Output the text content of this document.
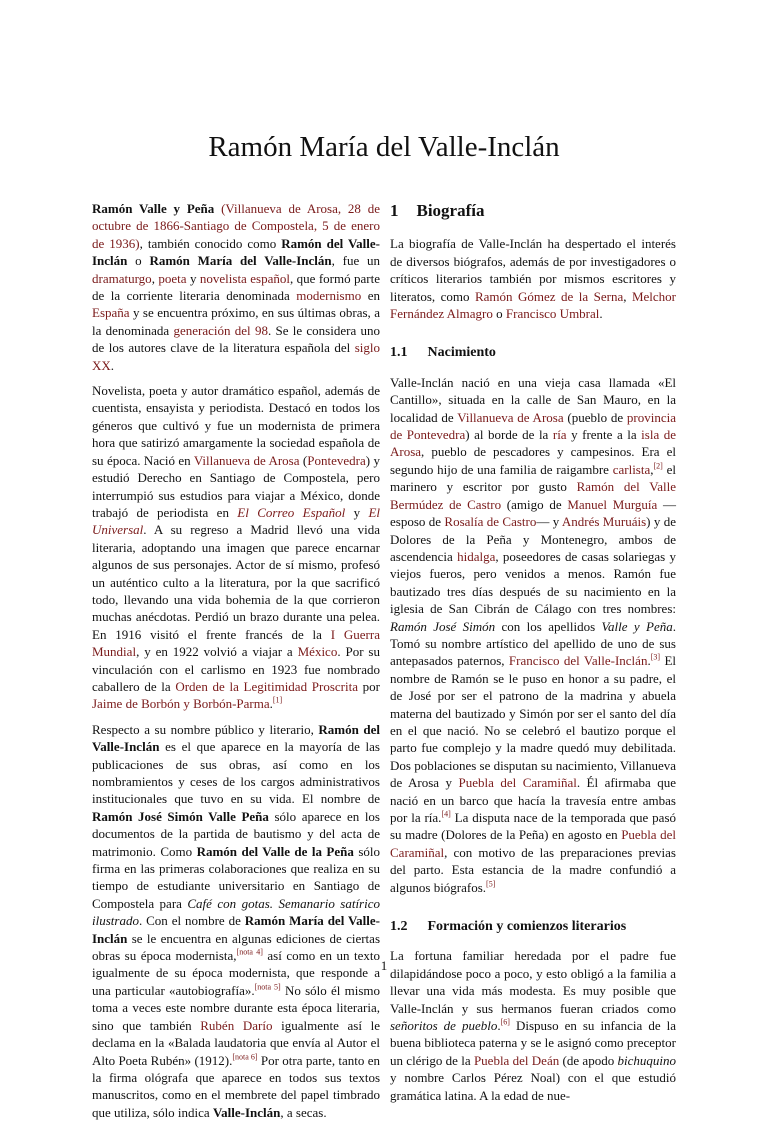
Ramón María del Valle-Inclán

Ramón Valle y Peña (Villanueva de Arosa, 28 de octubre de 1866-Santiago de Compostela, 5 de enero de 1936), también conocido como Ramón del Valle-Inclán o Ramón María del Valle-Inclán, fue un dramaturgo, poeta y novelista español, que formó parte de la corriente literaria denominada modernismo en España y se encuentra próximo, en sus últimas obras, a la denominada generación del 98. Se le considera uno de los autores clave de la literatura española del siglo XX.

Novelista, poeta y autor dramático español, además de cuentista, ensayista y periodista. Destacó en todos los géneros que cultivó y fue un modernista de primera hora que satirizó amargamente la sociedad española de su época. Nació en Villanueva de Arosa (Pontevedra) y estudió Derecho en Santiago de Compostela, pero interrumpió sus estudios para viajar a México, donde trabajó de periodista en El Correo Español y El Universal. A su regreso a Madrid llevó una vida literaria, adoptando una imagen que parece encarnar algunos de sus personajes. Actor de sí mismo, profesó un auténtico culto a la literatura, por la que sacrificó todo, llevando una vida bohemia de la que corrieron muchas anécdotas. Perdió un brazo durante una pelea. En 1916 visitó el frente francés de la I Guerra Mundial, y en 1922 volvió a viajar a México. Por su vinculación con el carlismo en 1923 fue nombrado caballero de la Orden de la Legitimidad Proscrita por Jaime de Borbón y Borbón-Parma.[1]

Respecto a su nombre público y literario, Ramón del Valle-Inclán es el que aparece en la mayoría de las publicaciones de sus obras, así como en los nombramientos y ceses de los cargos administrativos institucionales que tuvo en su vida. El nombre de Ramón José Simón Valle Peña sólo aparece en los documentos de la partida de bautismo y del acta de matrimonio. Como Ramón del Valle de la Peña sólo firma en las primeras colaboraciones que realiza en su tiempo de estudiante universitario en Santiago de Compostela para Café con gotas. Semanario satírico ilustrado. Con el nombre de Ramón María del Valle-Inclán se le encuentra en algunas ediciones de ciertas obras su época modernista,[nota 4] así como en un texto igualmente de su época modernista, que responde a una particular «autobiografía».[nota 5] No sólo él mismo toma a veces este nombre durante esta época literaria, sino que también Rubén Darío igualmente así le declama en la «Balada laudatoria que envía al Autor el Alto Poeta Rubén» (1912).[nota 6] Por otra parte, tanto en la firma ológrafa que aparece en todos sus textos manuscritos, como en el membrete del papel timbrado que utiliza, sólo indica Valle-Inclán, a secas.

1 Biografía

La biografía de Valle-Inclán ha despertado el interés de diversos biógrafos, además de por investigadores o críticos literarios también por mismos escritores y literatos, como Ramón Gómez de la Serna, Melchor Fernández Almagro o Francisco Umbral.

1.1 Nacimiento

Valle-Inclán nació en una vieja casa llamada «El Cantillo», situada en la calle de San Mauro, en la localidad de Villanueva de Arosa (pueblo de provincia de Pontevedra) al borde de la ría y frente a la isla de Arosa, pueblo de pescadores y campesinos. Era el segundo hijo de una familia de raigambre carlista,[2] el marinero y escritor por gusto Ramón del Valle Bermúdez de Castro (amigo de Manuel Murguía —esposo de Rosalía de Castro— y Andrés Muruáis) y de Dolores de la Peña y Montenegro, ambos de ascendencia hidalga, poseedores de casas solariegas y viejos fueros, pero venidos a menos. Ramón fue bautizado tres días después de su nacimiento en la iglesia de San Cibrán de Cálago con tres nombres: Ramón José Simón con los apellidos Valle y Peña. Tomó su nombre artístico del apellido de uno de sus antepasados paternos, Francisco del Valle-Inclán.[3] El nombre de Ramón se le puso en honor a su padre, el de José por ser el patrono de la madrina y abuela materna del bautizado y Simón por ser el santo del día en el que nació. No se celebró el bautizo porque el parto fue complejo y la madre quedó muy debilitada. Dos poblaciones se disputan su nacimiento, Villanueva de Arosa y Puebla del Caramiñal. Él afirmaba que nació en un barco que hacía la travesía entre ambas por la ría.[4] La disputa nace de la temporada que pasó su madre (Dolores de la Peña) en agosto en Puebla del Caramiñal, con motivo de las preparaciones previas del parto. Esta estancia de la madre confundió a algunos biógrafos.[5]

1.2 Formación y comienzos literarios

La fortuna familiar heredada por el padre fue dilapidándose poco a poco, y esto obligó a la familia a llevar una vida más modesta. Es muy posible que Valle-Inclán y sus hermanos fueran criados como señoritos de pueblo.[6] Dispuso en su infancia de la buena biblioteca paterna y se le asignó como preceptor un clérigo de la Puebla del Deán (de apodo bichuquino y nombre Carlos Pérez Noal) con el que estudió gramática latina. A la edad de nue-

1
